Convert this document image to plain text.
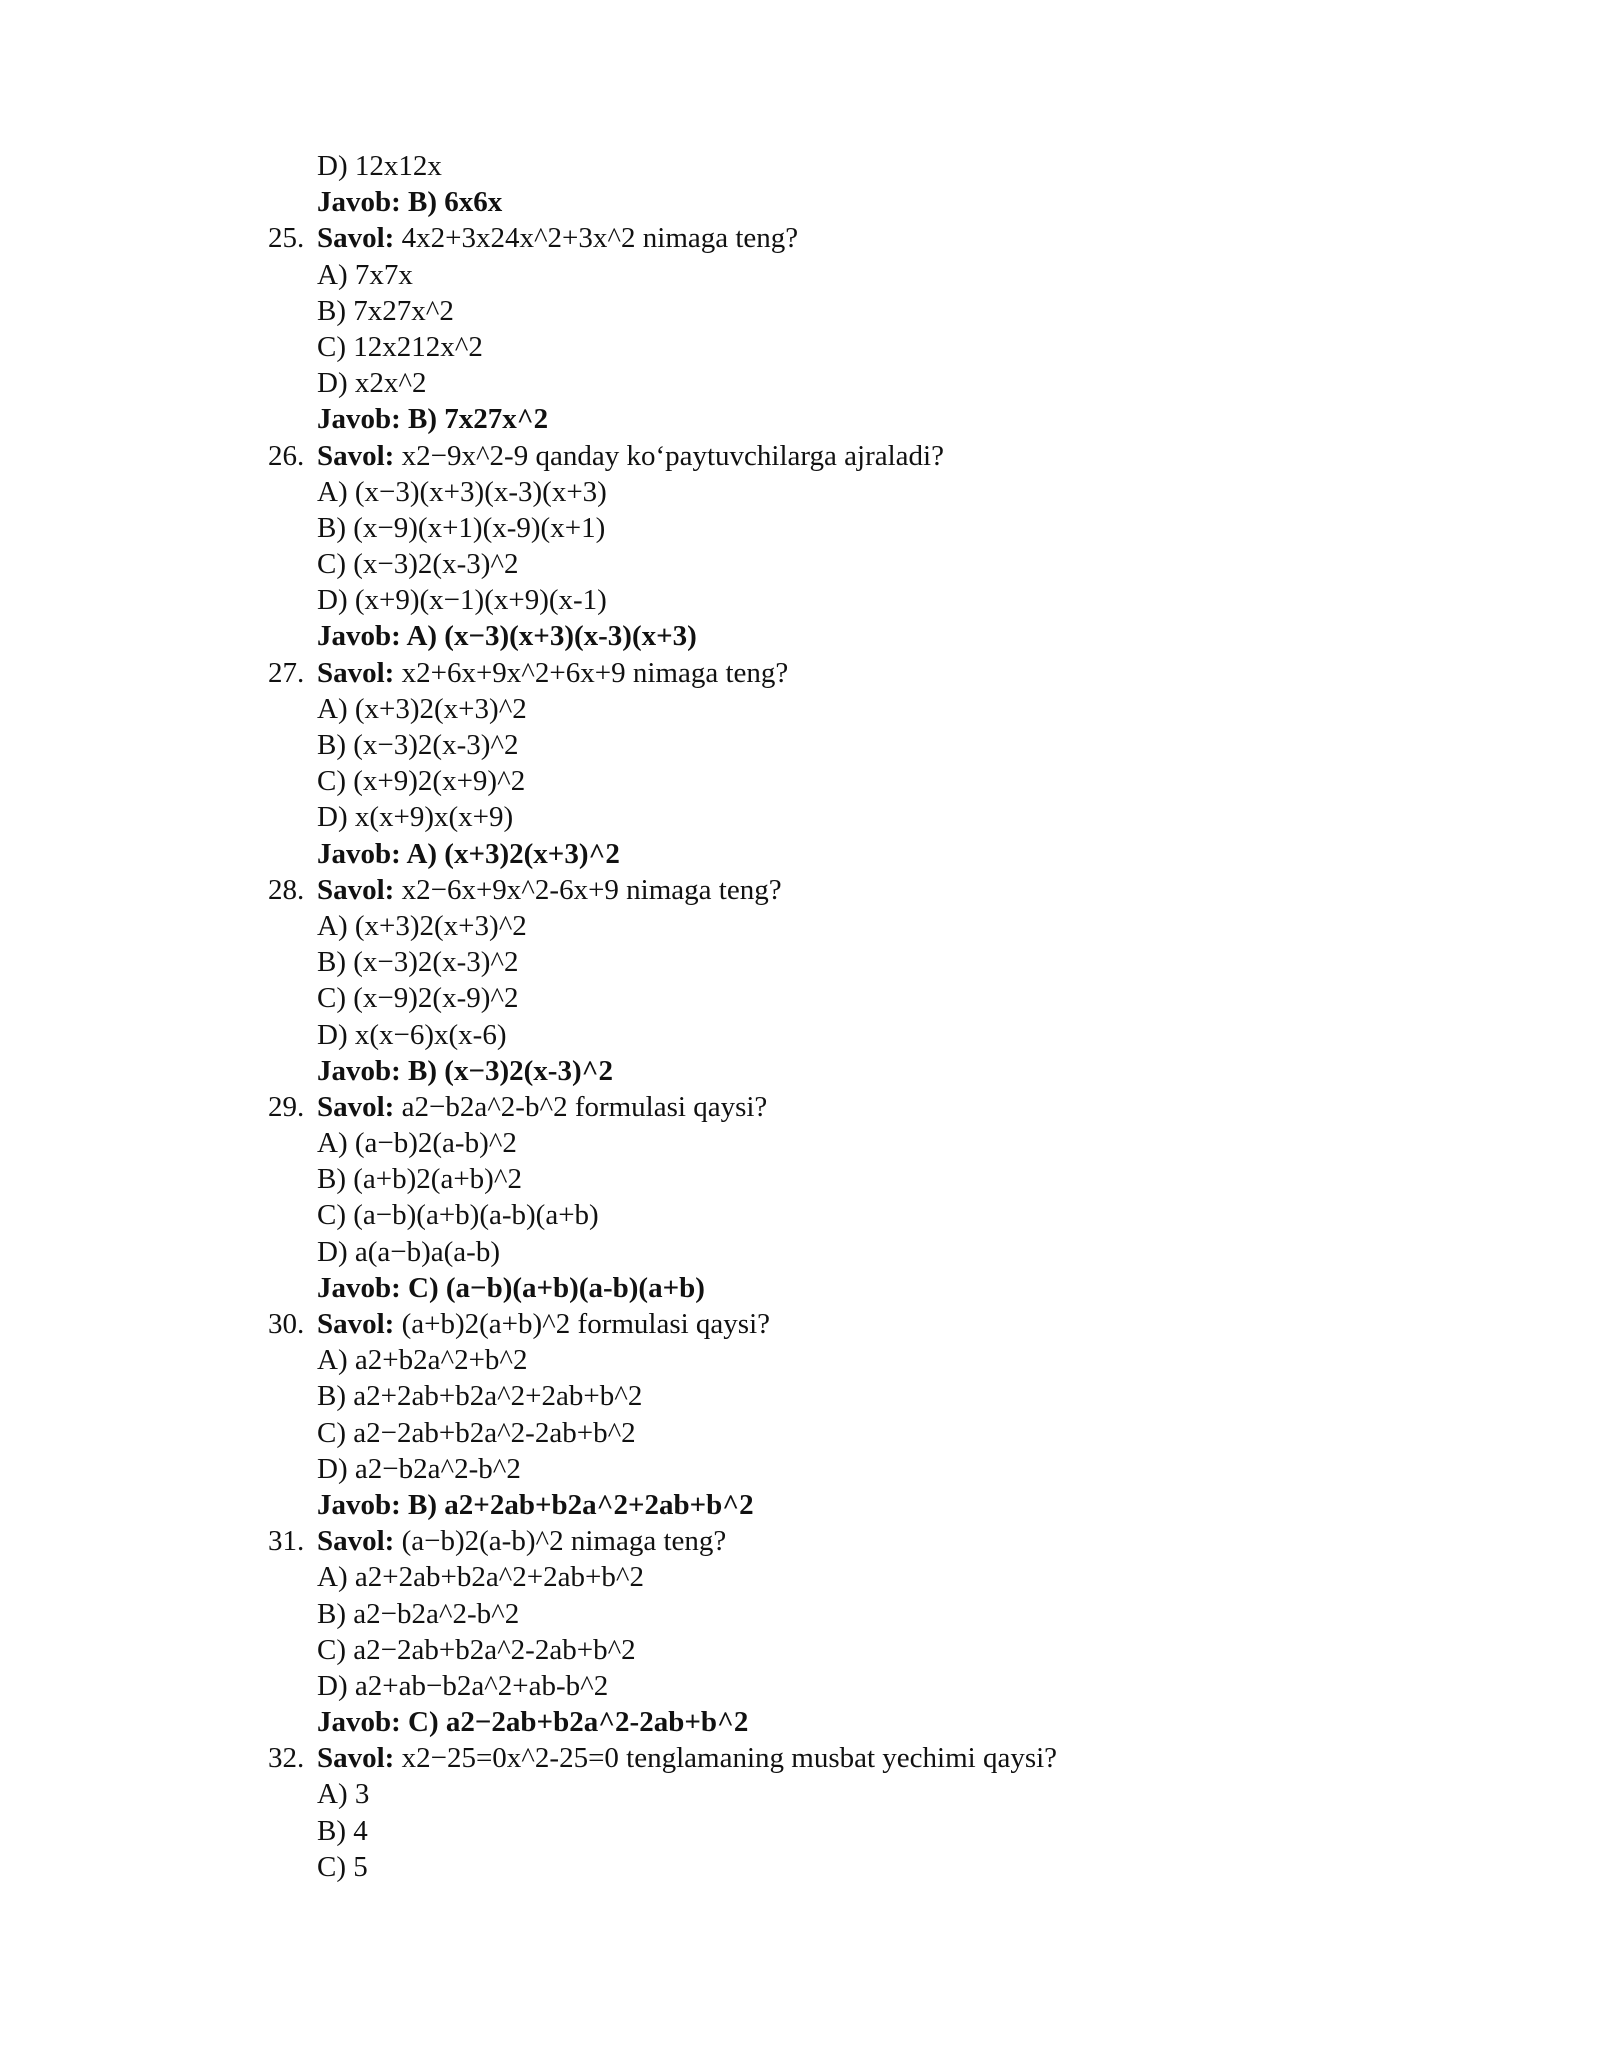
D) 12x12x
Javob: B) 6x6x
25. Savol: 4x2+3x24x^2+3x^2 nimaga teng?
A) 7x7x
B) 7x27x^2
C) 12x212x^2
D) x2x^2
Javob: B) 7x27x^2
26. Savol: x2−9x^2-9 qanday ko‘paytuvchilarga ajraladi?
A) (x−3)(x+3)(x-3)(x+3)
B) (x−9)(x+1)(x-9)(x+1)
C) (x−3)2(x-3)^2
D) (x+9)(x−1)(x+9)(x-1)
Javob: A) (x−3)(x+3)(x-3)(x+3)
27. Savol: x2+6x+9x^2+6x+9 nimaga teng?
A) (x+3)2(x+3)^2
B) (x−3)2(x-3)^2
C) (x+9)2(x+9)^2
D) x(x+9)x(x+9)
Javob: A) (x+3)2(x+3)^2
28. Savol: x2−6x+9x^2-6x+9 nimaga teng?
A) (x+3)2(x+3)^2
B) (x−3)2(x-3)^2
C) (x−9)2(x-9)^2
D) x(x−6)x(x-6)
Javob: B) (x−3)2(x-3)^2
29. Savol: a2−b2a^2-b^2 formulasi qaysi?
A) (a−b)2(a-b)^2
B) (a+b)2(a+b)^2
C) (a−b)(a+b)(a-b)(a+b)
D) a(a−b)a(a-b)
Javob: C) (a−b)(a+b)(a-b)(a+b)
30. Savol: (a+b)2(a+b)^2 formulasi qaysi?
A) a2+b2a^2+b^2
B) a2+2ab+b2a^2+2ab+b^2
C) a2−2ab+b2a^2-2ab+b^2
D) a2−b2a^2-b^2
Javob: B) a2+2ab+b2a^2+2ab+b^2
31. Savol: (a−b)2(a-b)^2 nimaga teng?
A) a2+2ab+b2a^2+2ab+b^2
B) a2−b2a^2-b^2
C) a2−2ab+b2a^2-2ab+b^2
D) a2+ab−b2a^2+ab-b^2
Javob: C) a2−2ab+b2a^2-2ab+b^2
32. Savol: x2−25=0x^2-25=0 tenglamaning musbat yechimi qaysi?
A) 3
B) 4
C) 5
